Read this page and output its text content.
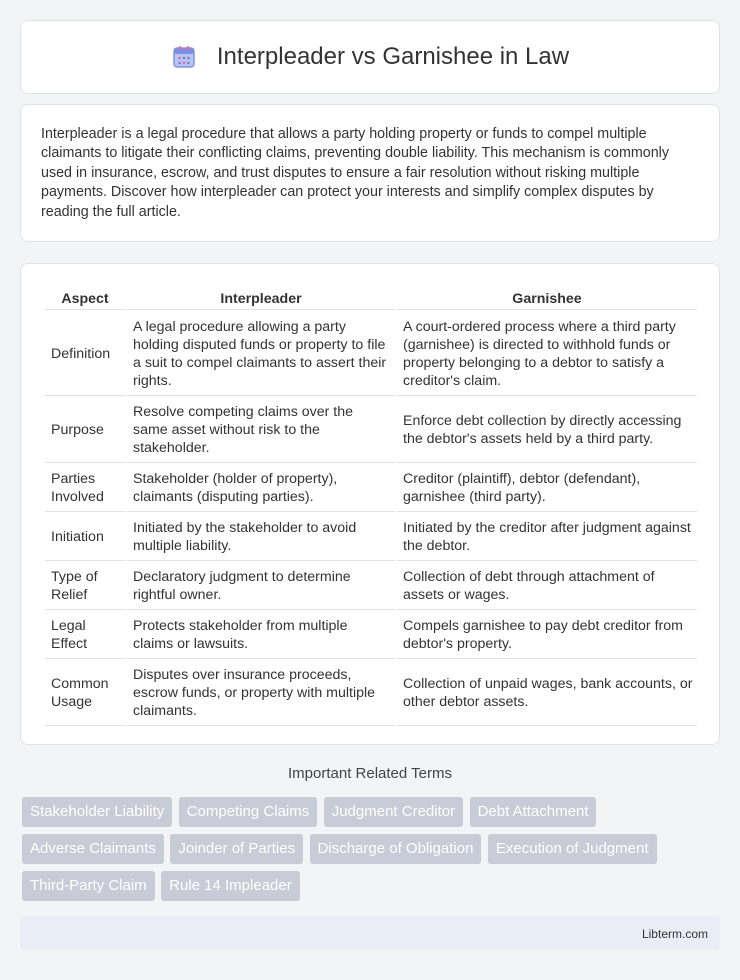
Interpleader vs Garnishee in Law

Interpleader is a legal procedure that allows a party holding property or funds to compel multiple claimants to litigate their conflicting claims, preventing double liability. This mechanism is commonly used in insurance, escrow, and trust disputes to ensure a fair resolution without risking multiple payments. Discover how interpleader can protect your interests and simplify complex disputes by reading the full article.

Aspect	Interpleader	Garnishee
Definition	A legal procedure allowing a party holding disputed funds or property to file a suit to compel claimants to assert their rights.	A court-ordered process where a third party (garnishee) is directed to withhold funds or property belonging to a debtor to satisfy a creditor's claim.
Purpose	Resolve competing claims over the same asset without risk to the stakeholder.	Enforce debt collection by directly accessing the debtor's assets held by a third party.
Parties Involved	Stakeholder (holder of property), claimants (disputing parties).	Creditor (plaintiff), debtor (defendant), garnishee (third party).
Initiation	Initiated by the stakeholder to avoid multiple liability.	Initiated by the creditor after judgment against the debtor.
Type of Relief	Declaratory judgment to determine rightful owner.	Collection of debt through attachment of assets or wages.
Legal Effect	Protects stakeholder from multiple claims or lawsuits.	Compels garnishee to pay debt creditor from debtor's property.
Common Usage	Disputes over insurance proceeds, escrow funds, or property with multiple claimants.	Collection of unpaid wages, bank accounts, or other debtor assets.
Important Related Terms
Stakeholder Liability Competing Claims Judgment Creditor Debt Attachment Adverse Claimants Joinder of Parties Discharge of Obligation Execution of Judgment Third-Party Claim Rule 14 Impleader
Libterm.com
